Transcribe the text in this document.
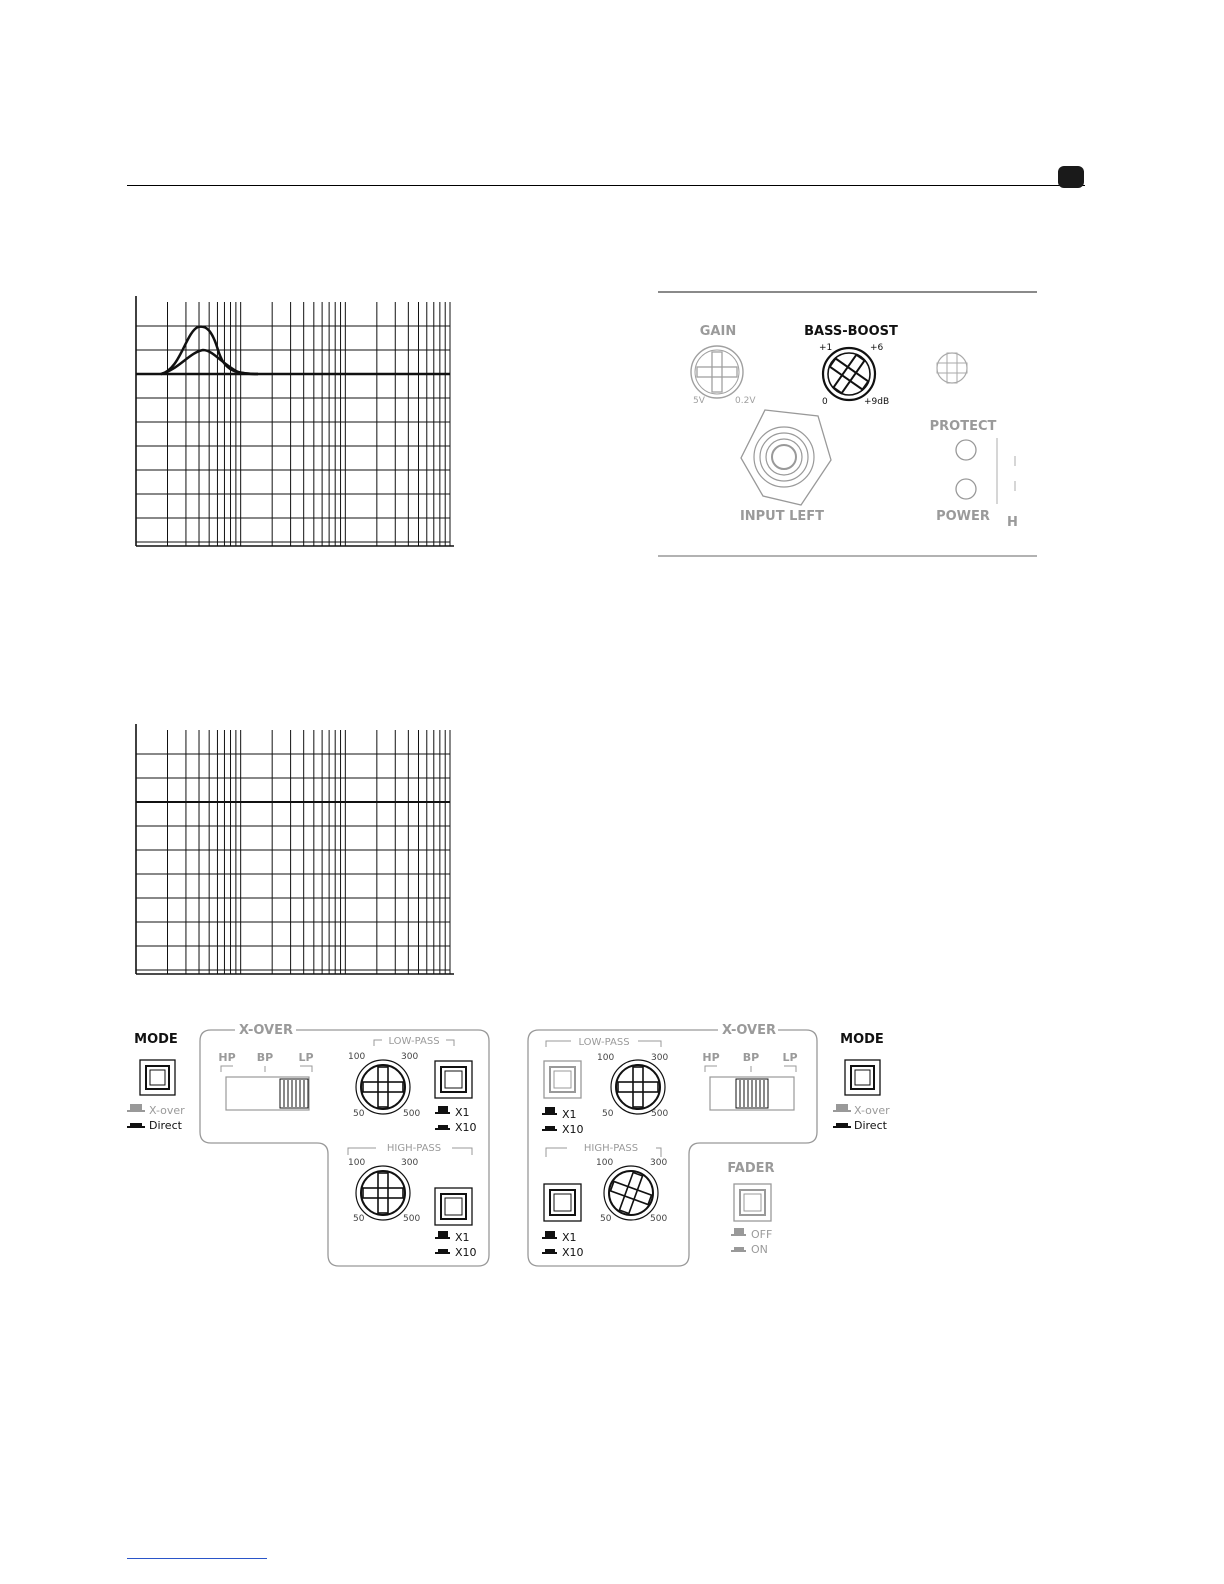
GAIN
5V	0.2V
BASS-BOOST
+1	+6
0	+9dB
INPUT LEFT
PROTECT
POWER H
X-OVER
MODE
X-over
Direct
HP BP LP
LOW-PASS
100	300
50	500	X1
X10
HIGH-PASS
100	300
50	500
X1
X10
X-OVER
LOW-PASS
X1
X10
100	300
50	500
HP BP LP
MODE
X-over
Direct
HIGH-PASS
X1
X10
100	300
50	500
FADER
OFF
ON
